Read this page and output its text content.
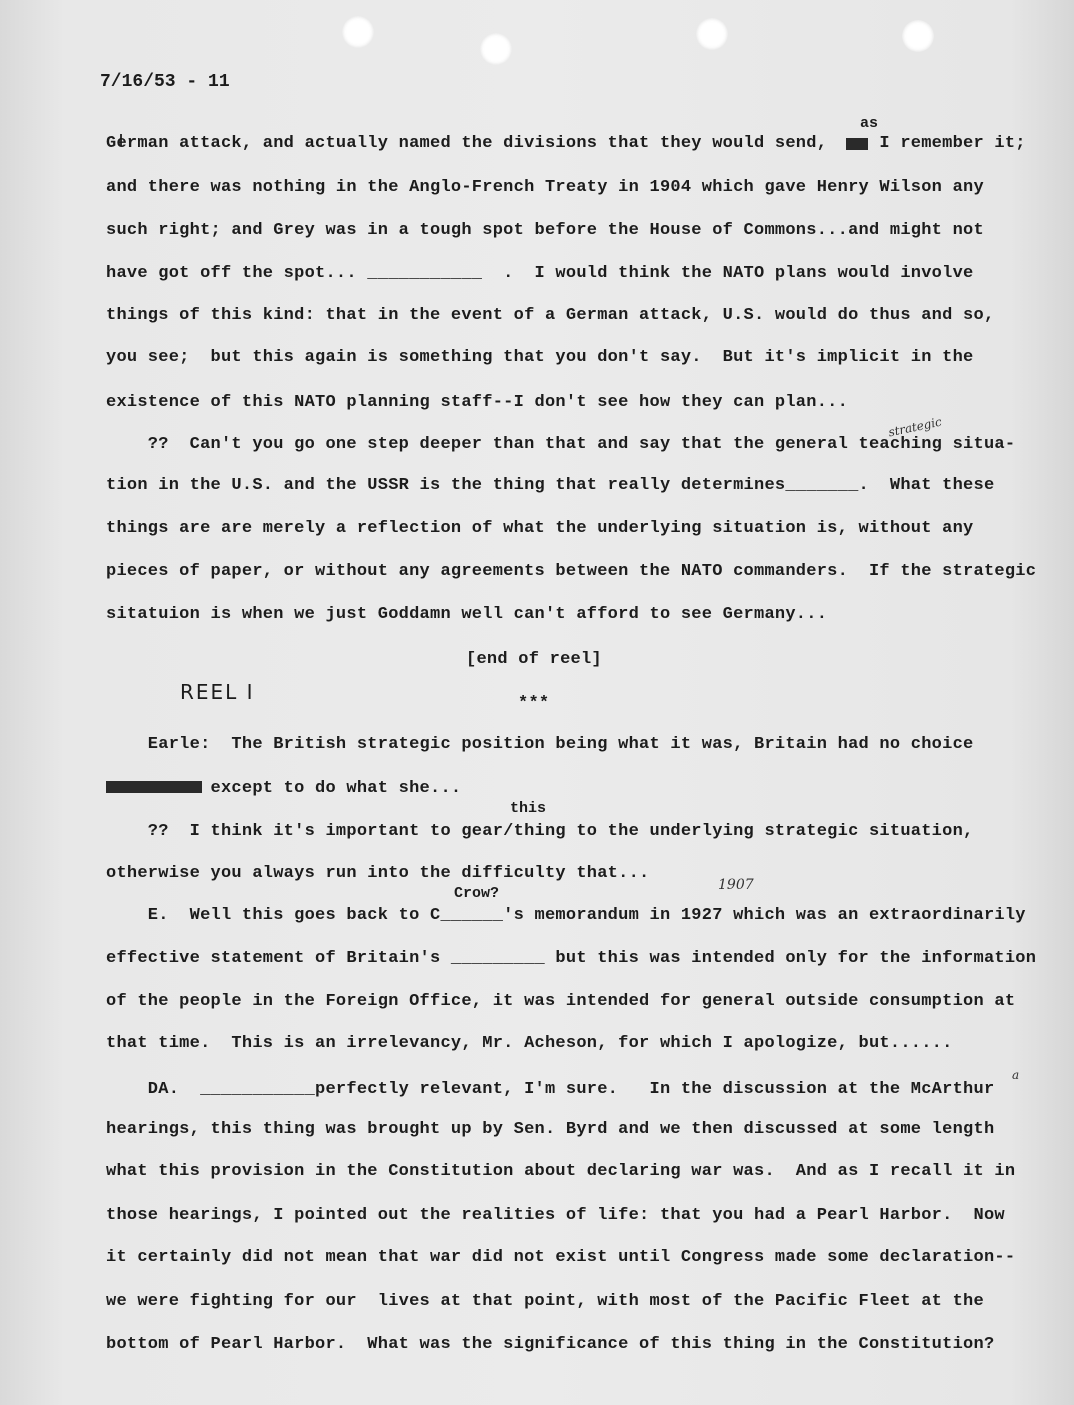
7/16/53 - 11
as
this
Crow?
a
strategic
REEL I
1907
German attack, and actually named the divisions that they would send,     I remember it;
and there was nothing in the Anglo-French Treaty in 1904 which gave Henry Wilson any
such right; and Grey was in a tough spot before the House of Commons...and might not
have got off the spot... ___________  .  I would think the NATO plans would involve
things of this kind: that in the event of a German attack, U.S. would do thus and so,
you see;  but this again is something that you don't say.  But it's implicit in the
existence of this NATO planning staff--I don't see how they can plan...
??  Can't you go one step deeper than that and say that the general teaching situa-
tion in the U.S. and the USSR is the thing that really determines_______.  What these
things are are merely a reflection of what the underlying situation is, without any
pieces of paper, or without any agreements between the NATO commanders.  If the strategic
sitatuion is when we just Goddamn well can't afford to see Germany...
[end of reel]
***
Earle:  The British strategic position being what it was, Britain had no choice
except to do what she...
??  I think it's important to gear/thing to the underlying strategic situation,
otherwise you always run into the difficulty that...
E.  Well this goes back to C______'s memorandum in 1927 which was an extraordinarily
effective statement of Britain's _________ but this was intended only for the information
of the people in the Foreign Office, it was intended for general outside consumption at
that time.  This is an irrelevancy, Mr. Acheson, for which I apologize, but......
DA.  ___________perfectly relevant, I'm sure.   In the discussion at the McArthur
hearings, this thing was brought up by Sen. Byrd and we then discussed at some length
what this provision in the Constitution about declaring war was.  And as I recall it in
those hearings, I pointed out the realities of life: that you had a Pearl Harbor.  Now
it certainly did not mean that war did not exist until Congress made some declaration--
we were fighting for our  lives at that point, with most of the Pacific Fleet at the
bottom of Pearl Harbor.  What was the significance of this thing in the Constitution?
